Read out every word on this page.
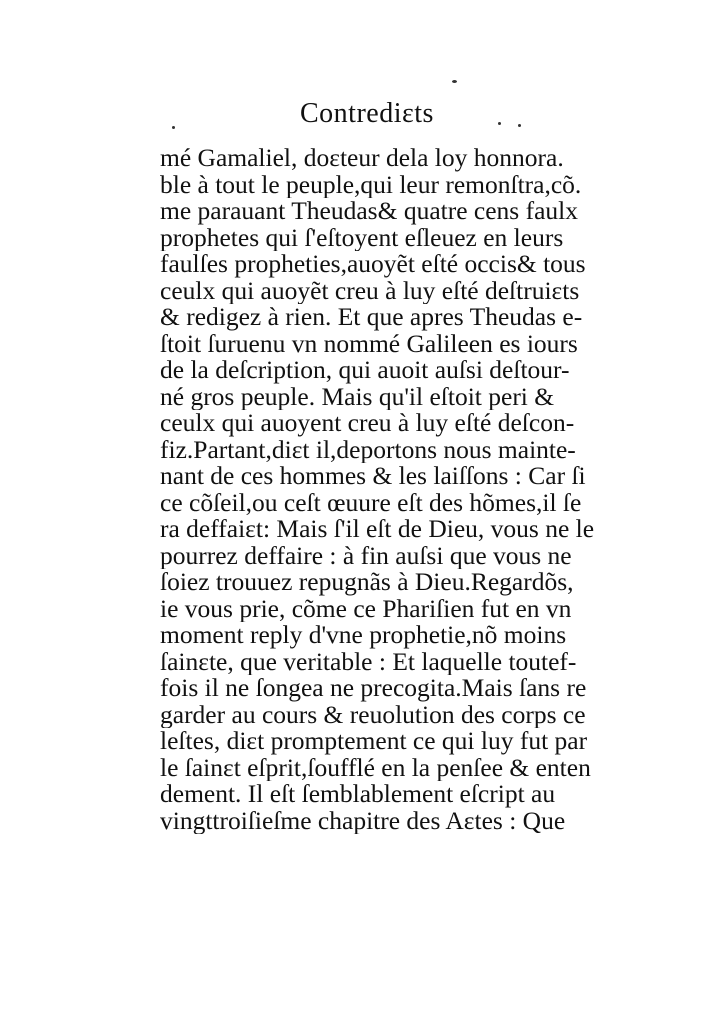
Contrediɛts
mé Gamaliel, doɛteur dela loy honnora.
ble à tout le peuple,qui leur remonſtra,cõ.
me parauant Theudas& quatre cens faulx
prophetes qui ſ'eſtoyent eſleuez en leurs
faulſes propheties,auoyẽt eſté occis& tous
ceulx qui auoyẽt creu à luy eſté deſtruiɛts
& redigez à rien. Et que apres Theudas e-
ſtoit ſuruenu vn nommé Galileen es iours
de la deſcription, qui auoit auſsi deſtour-
né gros peuple. Mais qu'il eſtoit peri &
ceulx qui auoyent creu à luy eſté deſcon-
fiz.Partant,diɛt il,deportons nous mainte-
nant de ces hommes & les laiſſons : Car ſi
ce cõſeil,ou ceſt œuure eſt des hõmes,il ſe
ra deffaiɛt: Mais ſ'il eſt de Dieu, vous ne le
pourrez deffaire : à fin auſsi que vous ne
ſoiez trouuez repugnãs à Dieu.Regardõs,
ie vous prie, cõme ce Phariſien fut en vn
moment reply d'vne prophetie,nõ moins
ſainɛte, que veritable : Et laquelle toutef-
fois il ne ſongea ne precogita.Mais ſans re
garder au cours & reuolution des corps ce
leſtes, diɛt promptement ce qui luy fut par
le ſainɛt eſprit,ſoufflé en la penſee & enten
dement. Il eſt ſemblablement eſcript au
vingttroiſieſme chapitre des Aɛtes : Que
